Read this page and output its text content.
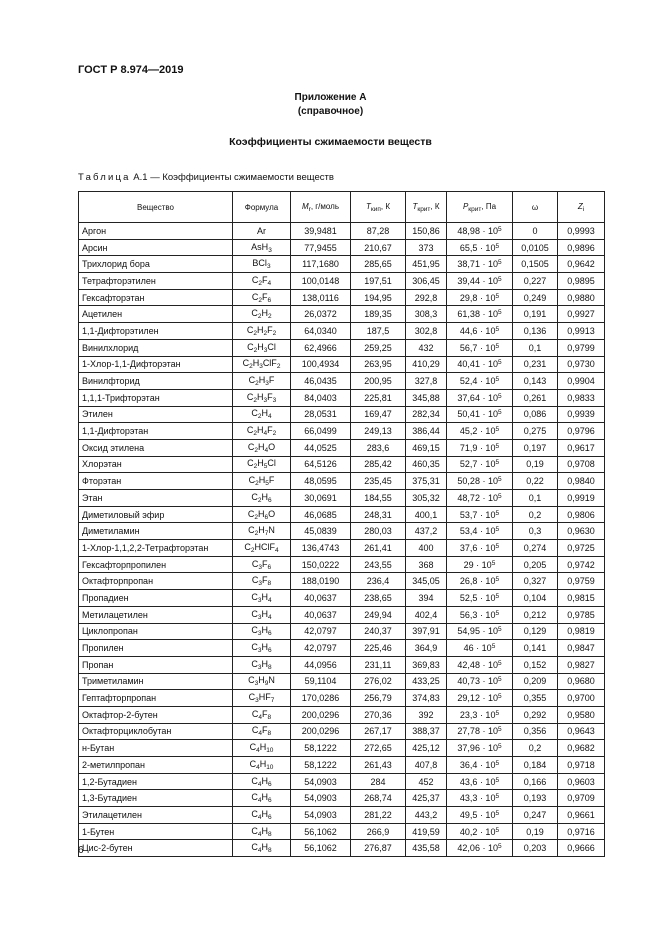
ГОСТ Р 8.974—2019
Приложение А
(справочное)
Коэффициенты сжимаемости веществ
Таблица А.1 — Коэффициенты сжимаемости веществ
Вещество	Формула	$M_r$, г/моль	$T_{кип}$, К	$T_{крит}$, К	$P_{крит}$, Па	ω	$Z_i$
Аргон	Ar	39,9481	87,28	150,86	$48,98 \cdot 10^5$	0	0,9993
Арсин	AsH$_3$	77,9455	210,67	373	$65,5 \cdot 10^5$	0,0105	0,9896
Трихлорид бора	BCl$_3$	117,1680	285,65	451,95	$38,71 \cdot 10^5$	0,1505	0,9642
Тетрафторэтилен	$C_2F_4$	100,0148	197,51	306,45	$39,44 \cdot 10^5$	0,227	0,9895
Гексафторэтан	$C_2F_6$	138,0116	194,95	292,8	$29,8 \cdot 10^5$	0,249	0,9880
Ацетилен	$C_2H_2$	26,0372	189,35	308,3	$61,38 \cdot 10^5$	0,191	0,9927
1,1-Дифторэтилен	$C_2H_2F_2$	64,0340	187,5	302,8	$44,6 \cdot 10^5$	0,136	0,9913
Винилхлорид	$C_2H_3Cl$	62,4966	259,25	432	$56,7 \cdot 10^5$	0,1	0,9799
1-Хлор-1,1-Дифторэтан	$C_2H_3ClF_2$	100,4934	263,95	410,29	$40,41 \cdot 10^5$	0,231	0,9730
Винилфторид	$C_2H_3F$	46,0435	200,95	327,8	$52,4 \cdot 10^5$	0,143	0,9904
1,1,1-Трифторэтан	$C_2H_3F_3$	84,0403	225,81	345,88	$37,64 \cdot 10^5$	0,261	0,9833
Этилен	$C_2H_4$	28,0531	169,47	282,34	$50,41 \cdot 10^5$	0,086	0,9939
1,1-Дифторэтан	$C_2H_4F_2$	66,0499	249,13	386,44	$45,2 \cdot 10^5$	0,275	0,9796
Оксид этилена	$C_2H_4O$	44,0525	283,6	469,15	$71,9 \cdot 10^5$	0,197	0,9617
Хлорэтан	$C_2H_5Cl$	64,5126	285,42	460,35	$52,7 \cdot 10^5$	0,19	0,9708
Фторэтан	$C_2H_5F$	48,0595	235,45	375,31	$50,28 \cdot 10^5$	0,22	0,9840
Этан	$C_2H_6$	30,0691	184,55	305,32	$48,72 \cdot 10^5$	0,1	0,9919
Диметиловый эфир	$C_2H_6O$	46,0685	248,31	400,1	$53,7 \cdot 10^5$	0,2	0,9806
Диметиламин	$C_2H_7N$	45,0839	280,03	437,2	$53,4 \cdot 10^5$	0,3	0,9630
1-Хлор-1,1,2,2-Тетрафторэтан	$C_2HClF_4$	136,4743	261,41	400	$37,6 \cdot 10^5$	0,274	0,9725
Гексафторпропилен	$C_3F_6$	150,0222	243,55	368	$29 \cdot 10^5$	0,205	0,9742
Октафторпропан	$C_3F_8$	188,0190	236,4	345,05	$26,8 \cdot 10^5$	0,327	0,9759
Пропадиен	$C_3H_4$	40,0637	238,65	394	$52,5 \cdot 10^5$	0,104	0,9815
Метилацетилен	$C_3H_4$	40,0637	249,94	402,4	$56,3 \cdot 10^5$	0,212	0,9785
Циклопропан	$C_3H_6$	42,0797	240,37	397,91	$54,95 \cdot 10^5$	0,129	0,9819
Пропилен	$C_3H_6$	42,0797	225,46	364,9	$46 \cdot 10^5$	0,141	0,9847
Пропан	$C_3H_8$	44,0956	231,11	369,83	$42,48 \cdot 10^5$	0,152	0,9827
Триметиламин	$C_3H_9N$	59,1104	276,02	433,25	$40,73 \cdot 10^5$	0,209	0,9680
Гептафторпропан	$C_3HF_7$	170,0286	256,79	374,83	$29,12 \cdot 10^5$	0,355	0,9700
Октафтор-2-бутен	$C_4F_8$	200,0296	270,36	392	$23,3 \cdot 10^5$	0,292	0,9580
Октафторциклобутан	$C_4F_8$	200,0296	267,17	388,37	$27,78 \cdot 10^5$	0,356	0,9643
н-Бутан	$C_4H_{10}$	58,1222	272,65	425,12	$37,96 \cdot 10^5$	0,2	0,9682
2-метилпропан	$C_4H_{10}$	58,1222	261,43	407,8	$36,4 \cdot 10^5$	0,184	0,9718
1,2-Бутадиен	$C_4H_6$	54,0903	284	452	$43,6 \cdot 10^5$	0,166	0,9603
1,3-Бутадиен	$C_4H_6$	54,0903	268,74	425,37	$43,3 \cdot 10^5$	0,193	0,9709
Этилацетилен	$C_4H_6$	54,0903	281,22	443,2	$49,5 \cdot 10^5$	0,247	0,9661
1-Бутен	$C_4H_8$	56,1062	266,9	419,59	$40,2 \cdot 10^5$	0,19	0,9716
Цис-2-бутен	$C_4H_8$	56,1062	276,87	435,58	$42,06 \cdot 10^5$	0,203	0,9666
6
